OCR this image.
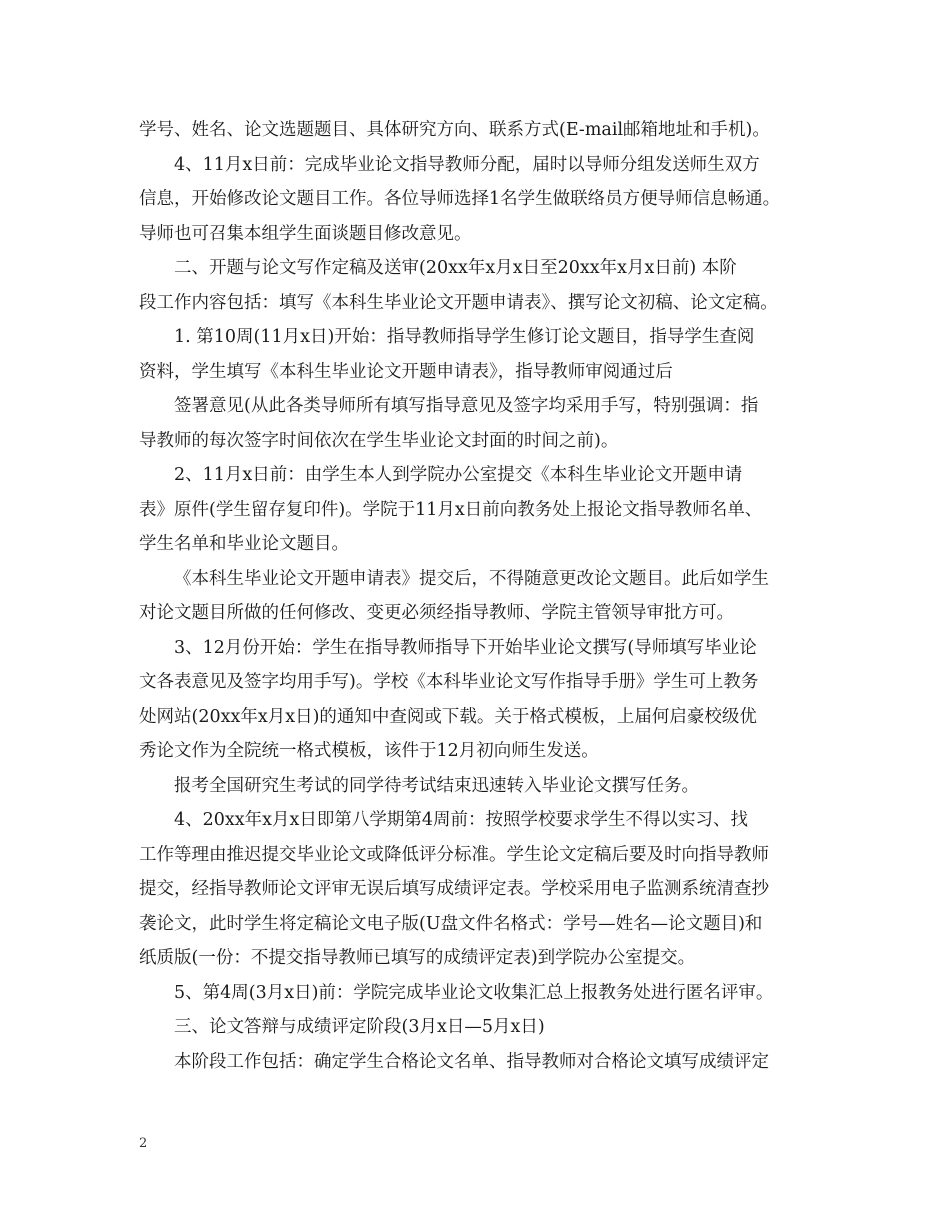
学号、姓名、论文选题题目、具体研究方向、联系方式(E-mail邮箱地址和手机)。
4、11月x日前：完成毕业论文指导教师分配，届时以导师分组发送师生双方
信息，开始修改论文题目工作。各位导师选择1名学生做联络员方便导师信息畅通。
导师也可召集本组学生面谈题目修改意见。
二、开题与论文写作定稿及送审(20xx年x月x日至20xx年x月x日前) 本阶
段工作内容包括：填写《本科生毕业论文开题申请表》、撰写论文初稿、论文定稿。
1. 第10周(11月x日)开始：指导教师指导学生修订论文题目，指导学生查阅
资料，学生填写《本科生毕业论文开题申请表》，指导教师审阅通过后
签署意见(从此各类导师所有填写指导意见及签字均采用手写，特别强调：指
导教师的每次签字时间依次在学生毕业论文封面的时间之前)。
2、11月x日前：由学生本人到学院办公室提交《本科生毕业论文开题申请
表》原件(学生留存复印件)。学院于11月x日前向教务处上报论文指导教师名单、
学生名单和毕业论文题目。
《本科生毕业论文开题申请表》提交后，不得随意更改论文题目。此后如学生
对论文题目所做的任何修改、变更必须经指导教师、学院主管领导审批方可。
3、12月份开始：学生在指导教师指导下开始毕业论文撰写(导师填写毕业论
文各表意见及签字均用手写)。学校《本科毕业论文写作指导手册》学生可上教务
处网站(20xx年x月x日)的通知中查阅或下载。关于格式模板，上届何启豪校级优
秀论文作为全院统一格式模板，该件于12月初向师生发送。
报考全国研究生考试的同学待考试结束迅速转入毕业论文撰写任务。
4、20xx年x月x日即第八学期第4周前：按照学校要求学生不得以实习、找
工作等理由推迟提交毕业论文或降低评分标准。学生论文定稿后要及时向指导教师
提交，经指导教师论文评审无误后填写成绩评定表。学校采用电子监测系统清查抄
袭论文，此时学生将定稿论文电子版(U盘文件名格式：学号—姓名—论文题目)和
纸质版(一份：不提交指导教师已填写的成绩评定表)到学院办公室提交。
5、第4周(3月x日)前：学院完成毕业论文收集汇总上报教务处进行匿名评审。
三、论文答辩与成绩评定阶段(3月x日—5月x日)
本阶段工作包括：确定学生合格论文名单、指导教师对合格论文填写成绩评定
2
